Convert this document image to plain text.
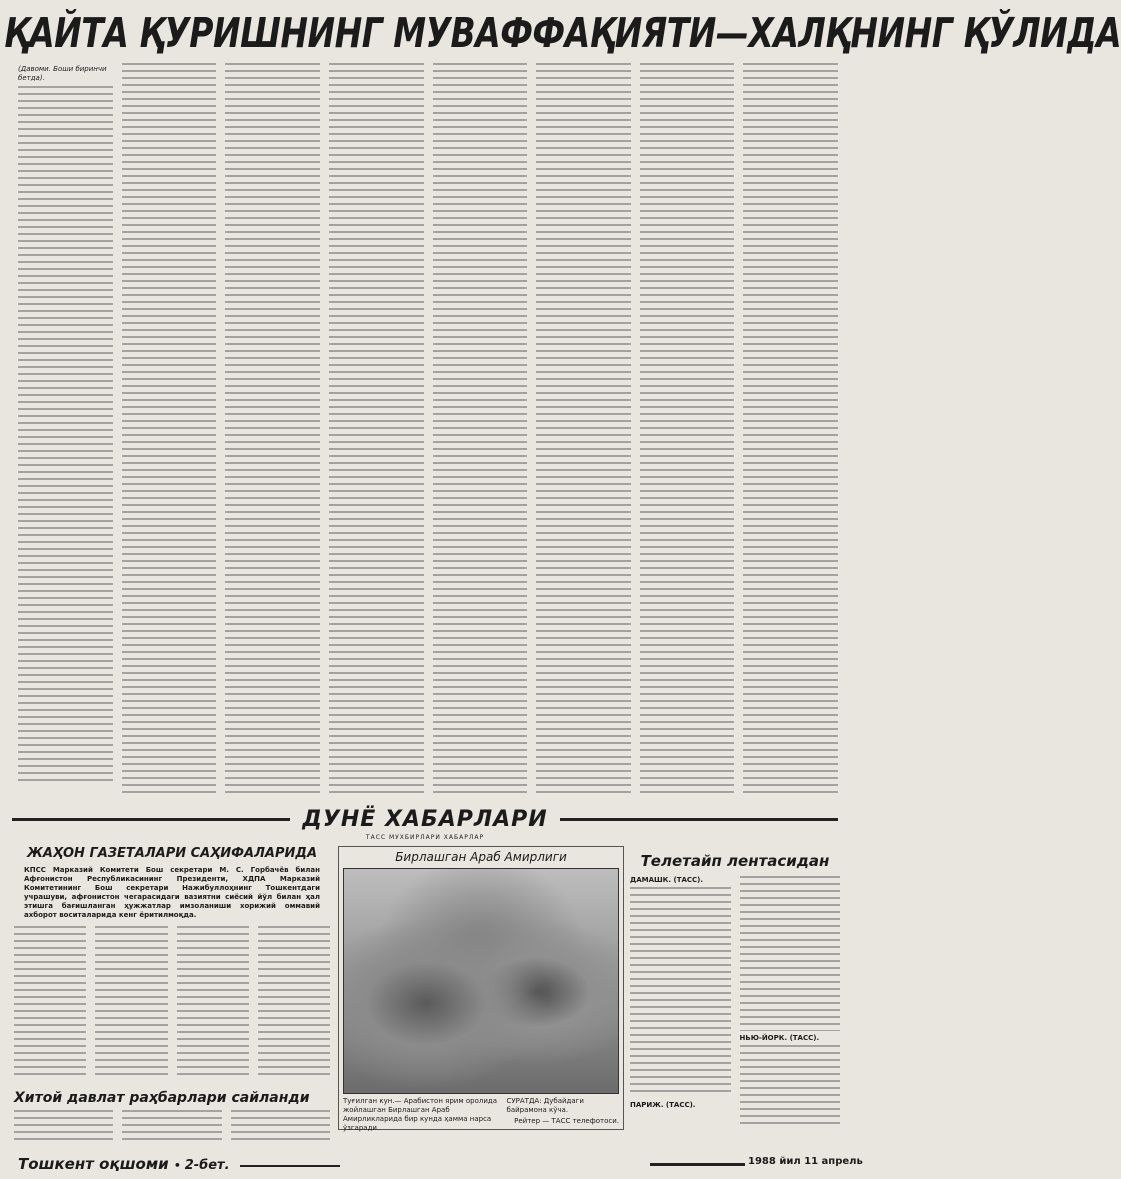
ҚАЙТА ҚУРИШНИНГ МУВАФФАҚИЯТИ—ХАЛҚНИНГ ҚЎЛИДА
(Давоми. Боши биринчи бетда).
ДУНЁ ХАБАРЛАРИ
ТАСС МУХБИРЛАРИ ХАБАРЛАР
ЖАҲОН ГАЗЕТАЛАРИ САҲИФАЛАРИДА
КПСС Марказий Комитети Бош секретари М. С. Горбачёв билан Афғонистон Республикасининг Президенти, ХДПА Марказий Комитетининг Бош секретари Нажибуллоҳнинг Тошкентдаги учрашуви, афғонистон чегарасидаги вазиятни сиёсий йўл билан ҳал этишга бағишланган ҳужжатлар имзоланиши хорижий оммавий ахборот воситаларида кенг ёритилмоқда.
Хитой давлат раҳбарлари сайланди
Бирлашган Араб Амирлиги
Туғилган кун.— Арабистон ярим оролида жойлашган Бирлашган Араб Амирликларида бир кунда ҳамма нарса ўзгаради.
СУРАТДА: Дубайдаги байрамона кўча.
Рейтер — ТАСС телефотоси.
Телетайп лентасидан
ДАМАШК. (ТАСС).
ПАРИЖ. (ТАСС).
НЬЮ-ЙОРК. (ТАСС).
Тошкент оқшоми • 2-бет.	1988 йил 11 апрель
